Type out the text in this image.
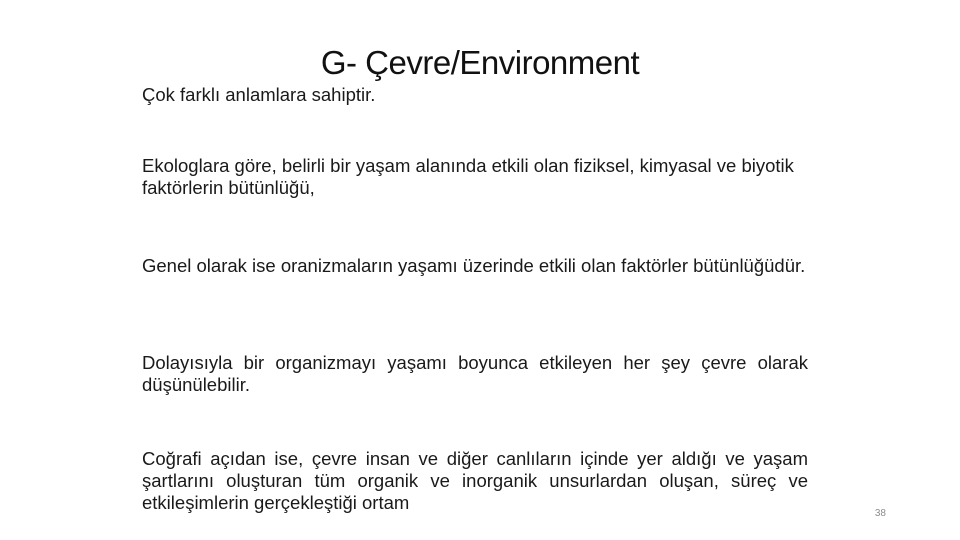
G- Çevre/Environment
Çok farklı anlamlara sahiptir.
Ekologlara göre, belirli bir yaşam alanında etkili olan fiziksel, kimyasal ve biyotik faktörlerin bütünlüğü,
Genel olarak ise oranizmaların yaşamı üzerinde etkili olan faktörler bütünlüğüdür.
Dolayısıyla bir organizmayı yaşamı boyunca etkileyen her şey çevre olarak düşünülebilir.
Coğrafi açıdan ise, çevre insan ve diğer canlıların içinde yer aldığı ve yaşam şartlarını oluşturan tüm organik ve inorganik unsurlardan oluşan, süreç ve etkileşimlerin gerçekleştiği ortam
38
